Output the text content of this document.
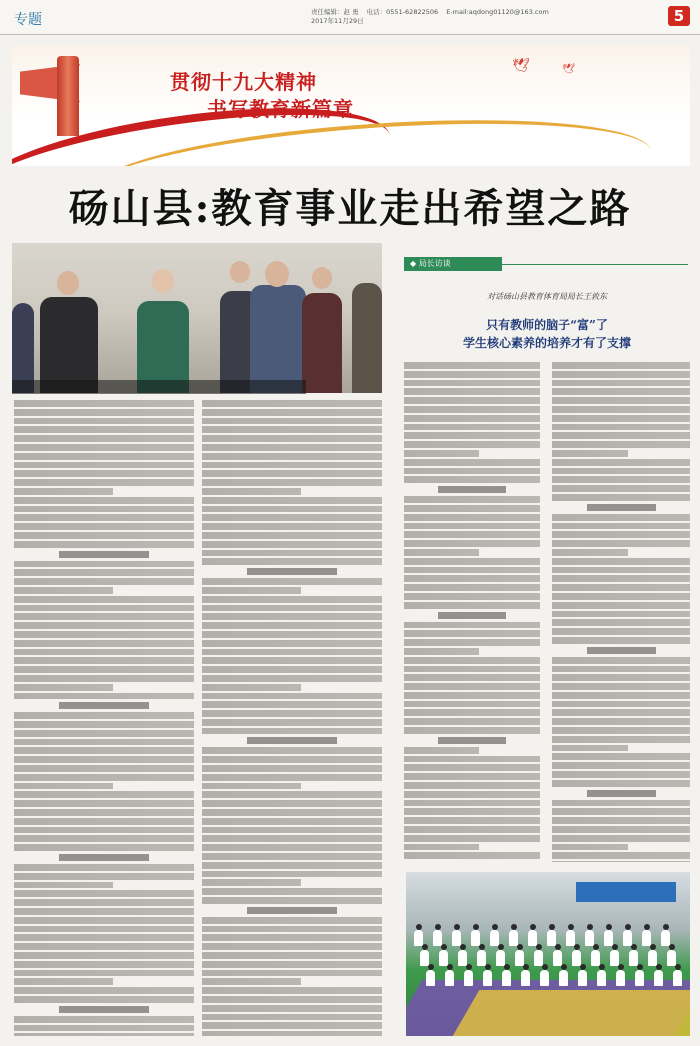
专题	责任编辑：赵 勇 电话：0551-62822506 E-mail:aqdong01120@163.com
2017年11月29日	5
🕊	🕊
贯彻十九大精神
书写教育新篇章
砀山县:教育事业走出希望之路
◆ 局长访谈
对话砀山县教育体育局局长王敦东
只有教师的脑子“富”了
学生核心素养的培养才有了支撑
